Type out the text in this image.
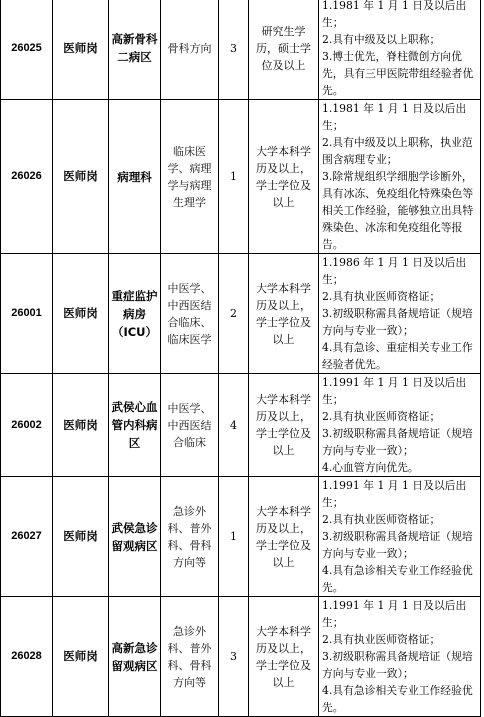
26025	医师岗	高新骨科二病区	骨科方向	3	研究生学历，硕士学位及以上	1.1981 年 1 月 1 日及以后出生；
2.具有中级及以上职称；
3.博士优先，脊柱微创方向优先，具有三甲医院带组经验者优先。

26026	医师岗	病理科	临床医学、病理学与病理生理学	1	大学本科学历及以上，学士学位及以上	1.1981 年 1 月 1 日及以后出生；
2.具有中级及以上职称，执业范围含病理专业；
3.除常规组织学细胞学诊断外，具有冰冻、免疫组化特殊染色等相关工作经验，能够独立出具特殊染色、冰冻和免疫组化等报告。

26001	医师岗	重症监护病房（ICU）	中医学、中西医结合临床、临床医学	2	大学本科学历及以上，学士学位及以上	1.1986 年 1 月 1 日及以后出生；
2.具有执业医师资格证；
3.初级职称需具备规培证（规培方向与专业一致）；
4.具有急诊、重症相关专业工作经验者优先。

26002	医师岗	武侯心血管内科病区	中医学、中西医结合临床	4	大学本科学历及以上，学士学位及以上	1.1991 年 1 月 1 日及以后出生；
2.具有执业医师资格证；
3.初级职称需具备规培证（规培方向与专业一致）；
4.心血管方向优先。

26027	医师岗	武侯急诊留观病区	急诊外科、普外科、骨科方向等	1	大学本科学历及以上，学士学位及以上	1.1991 年 1 月 1 日及以后出生；
2.具有执业医师资格证；
3.初级职称需具备规培证（规培方向与专业一致）；
4.具有急诊相关专业工作经验优先。

26028	医师岗	高新急诊留观病区	急诊外科、普外科、骨科方向等	3	大学本科学历及以上，学士学位及以上	1.1991 年 1 月 1 日及以后出生；
2.具有执业医师资格证；
3.初级职称需具备规培证（规培方向与专业一致）；
4.具有急诊相关专业工作经验优先。
